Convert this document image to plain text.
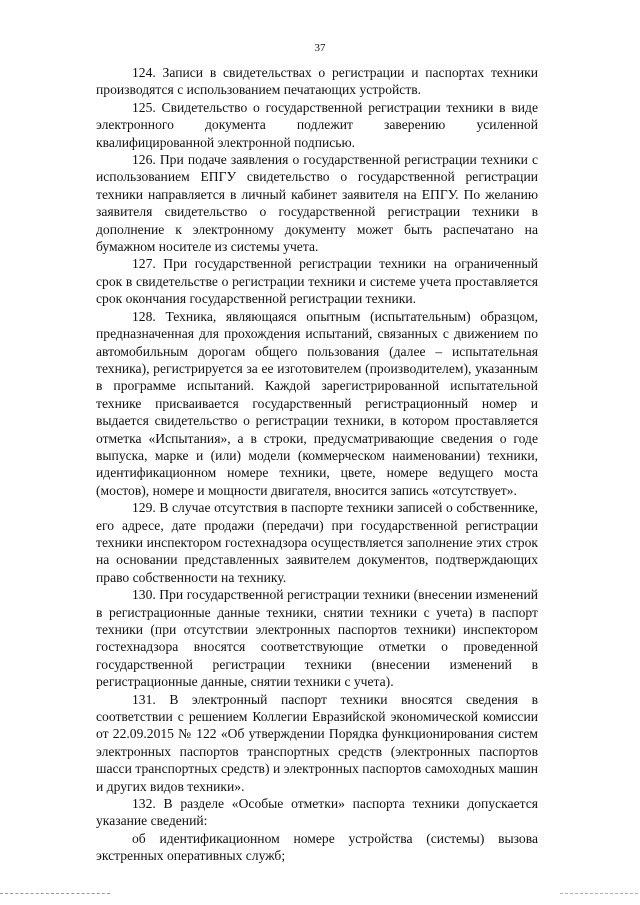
37

124. Записи в свидетельствах о регистрации и паспортах техники производятся с использованием печатающих устройств.

125. Свидетельство о государственной регистрации техники в виде электронного документа подлежит заверению усиленной квалифицированной электронной подписью.

126. При подаче заявления о государственной регистрации техники с использованием ЕПГУ свидетельство о государственной регистрации техники направляется в личный кабинет заявителя на ЕПГУ. По желанию заявителя свидетельство о государственной регистрации техники в дополнение к электронному документу может быть распечатано на бумажном носителе из системы учета.

127. При государственной регистрации техники на ограниченный срок в свидетельстве о регистрации техники и системе учета проставляется срок окончания государственной регистрации техники.

128. Техника, являющаяся опытным (испытательным) образцом, предназначенная для прохождения испытаний, связанных с движением по автомобильным дорогам общего пользования (далее – испытательная техника), регистрируется за ее изготовителем (производителем), указанным в программе испытаний. Каждой зарегистрированной испытательной технике присваивается государственный регистрационный номер и выдается свидетельство о регистрации техники, в котором проставляется отметка «Испытания», а в строки, предусматривающие сведения о годе выпуска, марке и (или) модели (коммерческом наименовании) техники, идентификационном номере техники, цвете, номере ведущего моста (мостов), номере и мощности двигателя, вносится запись «отсутствует».

129. В случае отсутствия в паспорте техники записей о собственнике, его адресе, дате продажи (передачи) при государственной регистрации техники инспектором гостехнадзора осуществляется заполнение этих строк на основании представленных заявителем документов, подтверждающих право собственности на технику.

130. При государственной регистрации техники (внесении изменений в регистрационные данные техники, снятии техники с учета) в паспорт техники (при отсутствии электронных паспортов техники) инспектором гостехнадзора вносятся соответствующие отметки о проведенной государственной регистрации техники (внесении изменений в регистрационные данные, снятии техники с учета).

131. В электронный паспорт техники вносятся сведения в соответствии с решением Коллегии Евразийской экономической комиссии от 22.09.2015 № 122 «Об утверждении Порядка функционирования систем электронных паспортов транспортных средств (электронных паспортов шасси транспортных средств) и электронных паспортов самоходных машин и других видов техники».

132. В разделе «Особые отметки» паспорта техники допускается указание сведений:

об идентификационном номере устройства (системы) вызова экстренных оперативных служб;
